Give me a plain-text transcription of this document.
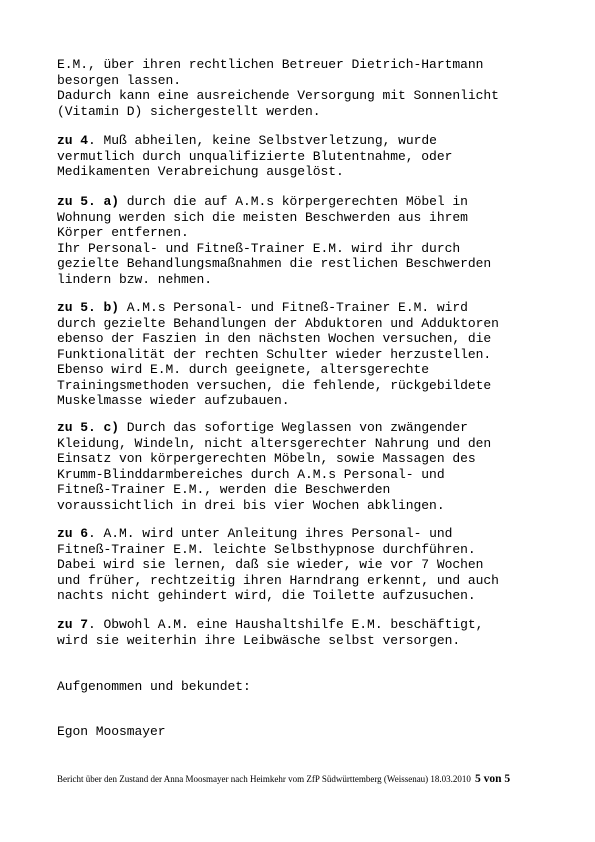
E.M., über ihren rechtlichen Betreuer Dietrich-Hartmann
besorgen lassen.
Dadurch kann eine ausreichende Versorgung mit Sonnenlicht
(Vitamin D) sichergestellt werden.

zu 4. Muß abheilen, keine Selbstverletzung, wurde
vermutlich durch unqualifizierte Blutentnahme, oder
Medikamenten Verabreichung ausgelöst.

zu 5. a) durch die auf A.M.s körpergerechten Möbel in
Wohnung werden sich die meisten Beschwerden aus ihrem
Körper entfernen.
Ihr Personal- und Fitneß-Trainer E.M. wird ihr durch
gezielte Behandlungsmaßnahmen die restlichen Beschwerden
lindern bzw. nehmen.

zu 5. b) A.M.s Personal- und Fitneß-Trainer E.M. wird
durch gezielte Behandlungen der Abduktoren und Adduktoren
ebenso der Faszien in den nächsten Wochen versuchen, die
Funktionalität der rechten Schulter wieder herzustellen.
Ebenso wird E.M. durch geeignete, altersgerechte
Trainingsmethoden versuchen, die fehlende, rückgebildete
Muskelmasse wieder aufzubauen.

zu 5. c) Durch das sofortige Weglassen von zwängender
Kleidung, Windeln, nicht altersgerechter Nahrung und den
Einsatz von körpergerechten Möbeln, sowie Massagen des
Krumm-Blinddarmbereiches durch A.M.s Personal- und
Fitneß-Trainer E.M., werden die Beschwerden
voraussichtlich in drei bis vier Wochen abklingen.

zu 6. A.M. wird unter Anleitung ihres Personal- und
Fitneß-Trainer E.M. leichte Selbsthypnose durchführen.
Dabei wird sie lernen, daß sie wieder, wie vor 7 Wochen
und früher, rechtzeitig ihren Harndrang erkennt, und auch
nachts nicht gehindert wird, die Toilette aufzusuchen.

zu 7. Obwohl A.M. eine Haushaltshilfe E.M. beschäftigt,
wird sie weiterhin ihre Leibwäsche selbst versorgen.

Aufgenommen und bekundet:

Egon Moosmayer

Bericht über den Zustand der Anna Moosmayer nach Heimkehr vom ZfP Südwürttemberg (Weissenau) 18.03.2010 5 von 5
